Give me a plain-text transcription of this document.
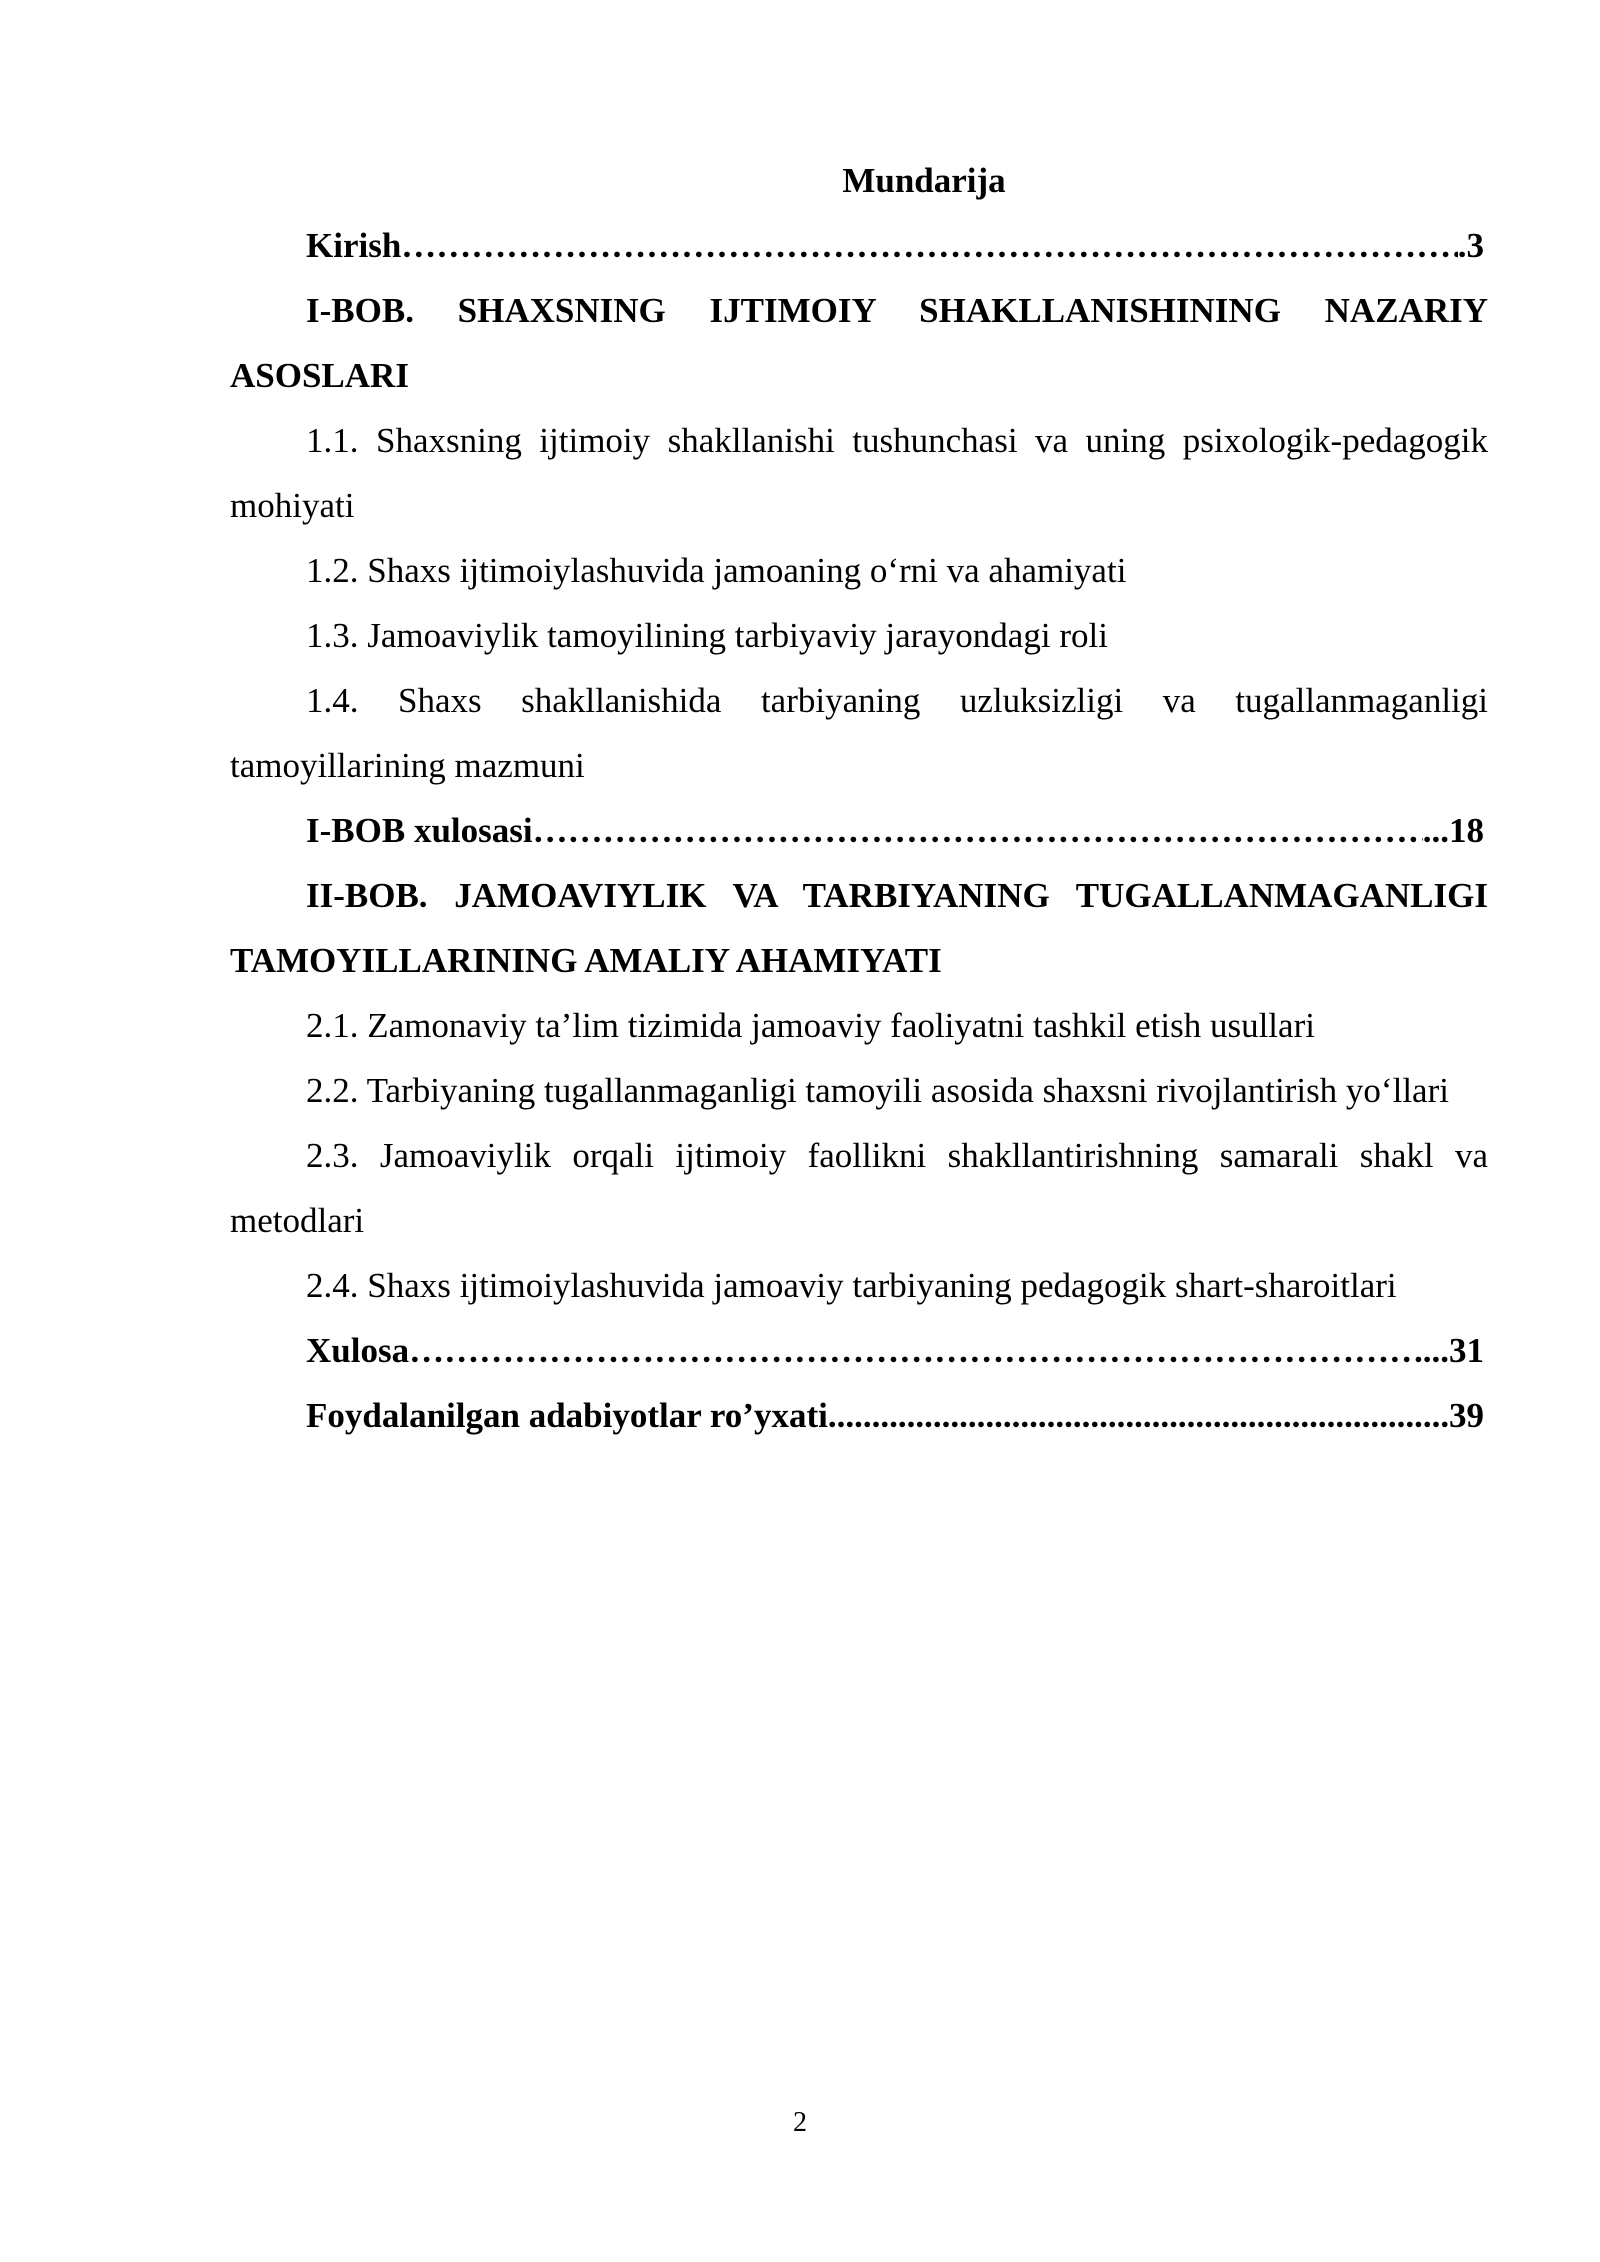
Mundarija

Kirish …………………………………………………………………………………………………………………………………………………………………………………………	.3

I-BOB. SHAXSNING IJTIMOIY SHAKLLANISHINING NAZARIY ASOSLARI

1.1. Shaxsning ijtimoiy shakllanishi tushunchasi va uning psixologik-pedagogik mohiyati

1.2. Shaxs ijtimoiylashuvida jamoaning o‘rni va ahamiyati

1.3. Jamoaviylik tamoyilining tarbiyaviy jarayondagi roli

1.4. Shaxs shakllanishida tarbiyaning uzluksizligi va tugallanmaganligi tamoyillarining mazmuni

I-BOB xulosasi …………………………………………………………………………………………………………………………………………………………………………………………	...18

II-BOB. JAMOAVIYLIK VA TARBIYANING TUGALLANMAGANLIGI TAMOYILLARINING AMALIY AHAMIYATI

2.1. Zamonaviy ta’lim tizimida jamoaviy faoliyatni tashkil etish usullari

2.2. Tarbiyaning tugallanmaganligi tamoyili asosida shaxsni rivojlantirish yo‘llari

2.3. Jamoaviylik orqali ijtimoiy faollikni shakllantirishning samarali shakl va metodlari

2.4. Shaxs ijtimoiylashuvida jamoaviy tarbiyaning pedagogik shart-sharoitlari

Xulosa …………………………………………………………………………………………………………………………………………………………………………………………	...31
Foydalanilgan adabiyotlar ro’yxati .....	39
2
